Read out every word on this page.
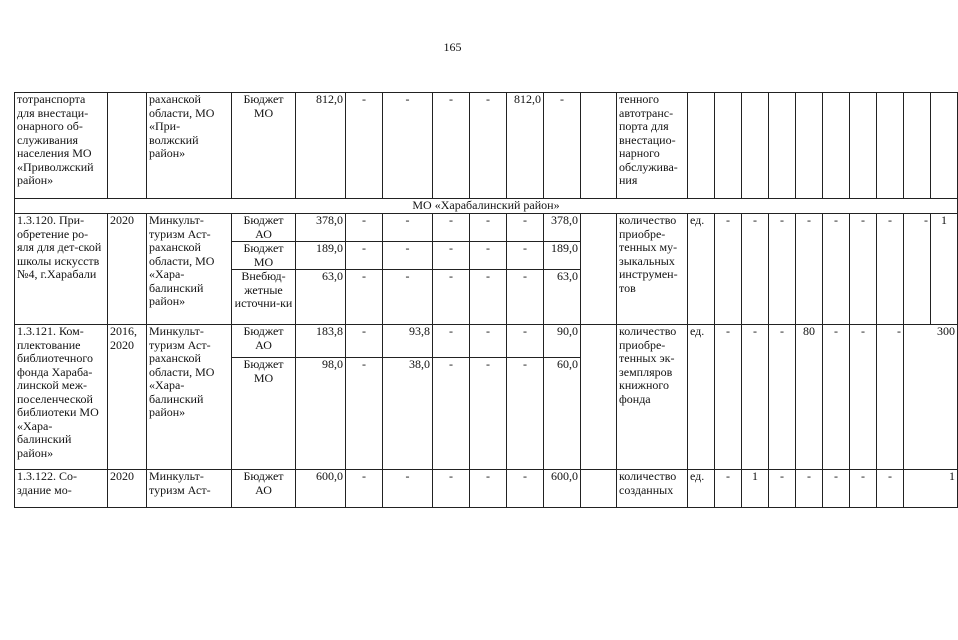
165
тотранспорта для внестаци-онарного об-служивания населения МО «Приволжский район»		раханской области, МО «При-волжский район»	Бюджет МО	812,0	-	-	-	-	812,0	-		тенного автотранс-порта для внестацио-нарного обслужива-ния										
МО «Харабалинский район»																						
1.3.120. При-обретение ро-яля для дет-ской школы искусств №4, г.Харабали	2020	Минкульт-туризм Аст-раханской области, МО «Хара-балинский район»	Бюджет АО	378,0	-	-	-	-	-	378,0		количество приобре-тенных му-зыкальных инструмен-тов	ед.	-	-	-	-	-	-	-	-	1
			Бюджет МО	189,0	-	-	-	-	-	189,0												
			Внебюд-жетные источни-ки	63,0	-	-	-	-	-	63,0												
1.3.121. Ком-плектование библиотечного фонда Хараба-линской меж-поселенческой библиотеки МО «Хара-балинский район»	2016, 2020	Минкульт-туризм Аст-раханской области, МО «Хара-балинский район»	Бюджет АО	183,8	-	93,8	-	-	-	90,0		количество приобре-тенных эк-земпляров книжного фонда	ед.	-	-	-	80	-	-	-	300	
			Бюджет МО	98,0	-	38,0	-	-	-	60,0												
1.3.122. Со-здание мо-	2020	Минкульт-туризм Аст-	Бюджет АО	600,0	-	-	-	-	-	600,0		количество созданных	ед.	-	1	-	-	-	-	-	1	
